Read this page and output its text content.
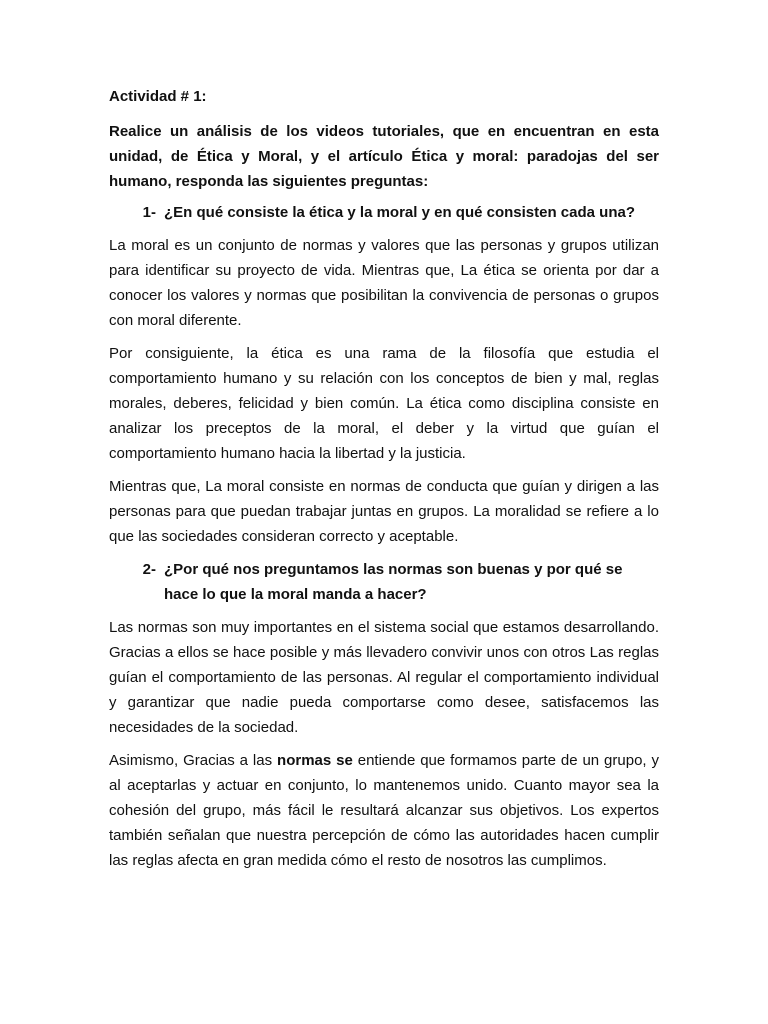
Actividad # 1:

Realice un análisis de los videos tutoriales, que en encuentran en esta unidad, de Ética y Moral, y el artículo Ética y moral: paradojas del ser humano, responda las siguientes preguntas:

1- ¿En qué consiste la ética y la moral y en qué consisten cada una?

La moral es un conjunto de normas y valores que las personas y grupos utilizan para identificar su proyecto de vida. Mientras que, La ética se orienta por dar a conocer los valores y normas que posibilitan la convivencia de personas o grupos con moral diferente.

Por consiguiente, la ética es una rama de la filosofía que estudia el comportamiento humano y su relación con los conceptos de bien y mal, reglas morales, deberes, felicidad y bien común. La ética como disciplina consiste en analizar los preceptos de la moral, el deber y la virtud que guían el comportamiento humano hacia la libertad y la justicia.

Mientras que, La moral consiste en normas de conducta que guían y dirigen a las personas para que puedan trabajar juntas en grupos. La moralidad se refiere a lo que las sociedades consideran correcto y aceptable.

2- ¿Por qué nos preguntamos las normas son buenas y por qué se hace lo que la moral manda a hacer?

Las normas son muy importantes en el sistema social que estamos desarrollando. Gracias a ellos se hace posible y más llevadero convivir unos con otros Las reglas guían el comportamiento de las personas. Al regular el comportamiento individual y garantizar que nadie pueda comportarse como desee, satisfacemos las necesidades de la sociedad.

Asimismo, Gracias a las normas se entiende que formamos parte de un grupo, y al aceptarlas y actuar en conjunto, lo mantenemos unido. Cuanto mayor sea la cohesión del grupo, más fácil le resultará alcanzar sus objetivos. Los expertos también señalan que nuestra percepción de cómo las autoridades hacen cumplir las reglas afecta en gran medida cómo el resto de nosotros las cumplimos.
